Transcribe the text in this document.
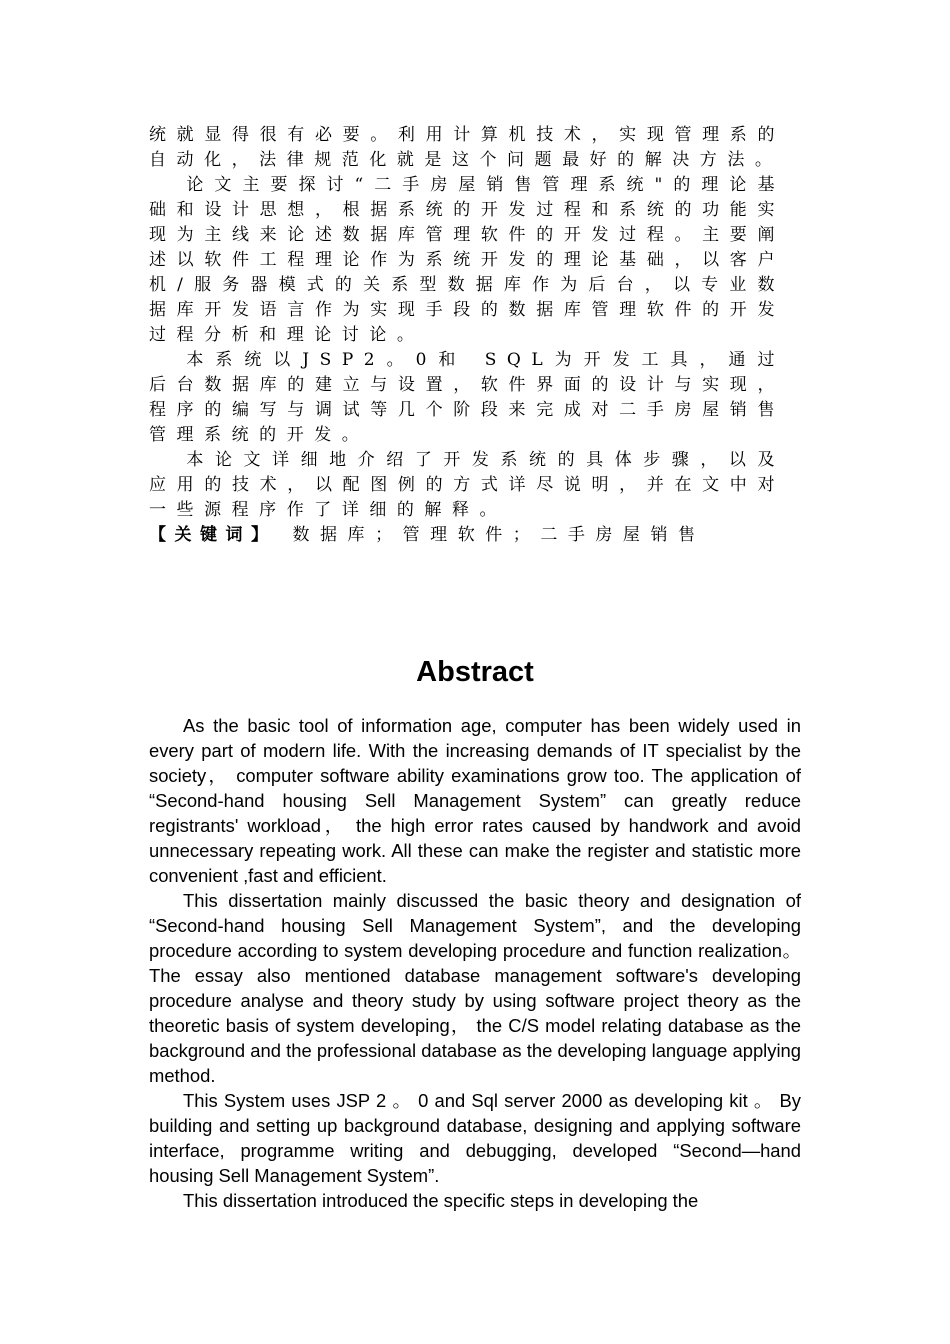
统就显得很有必要。利用计算机技术，实现管理系的自动化，法律规范化就是这个问题最好的解决方法。

论文主要探讨“二手房屋销售管理系统"的理论基础和设计思想，根据系统的开发过程和系统的功能实现为主线来论述数据库管理软件的开发过程。主要阐述以软件工程理论作为系统开发的理论基础，以客户机/服务器模式的关系型数据库作为后台，以专业数据库开发语言作为实现手段的数据库管理软件的开发过程分析和理论讨论。

本系统以JSP2。0和 SQL为开发工具，通过后台数据库的建立与设置，软件界面的设计与实现，程序的编写与调试等几个阶段来完成对二手房屋销售管理系统的开发。

本论文详细地介绍了开发系统的具体步骤，以及应用的技术，以配图例的方式详尽说明，并在文中对一些源程序作了详细的解释。

【关键词】 数据库；管理软件；二手房屋销售

Abstract

As the basic tool of information age, computer has been widely used in every part of modern life. With the increasing demands of IT specialist by the society， computer software ability examinations grow too. The application of “Second-hand housing Sell Management System” can greatly reduce registrants' workload， the high error rates caused by handwork and avoid unnecessary repeating work. All these can make the register and statistic more convenient ,fast and efficient.

This dissertation mainly discussed the basic theory and designation of “Second-hand housing Sell Management System”, and the developing procedure according to system developing procedure and function realization。 The essay also mentioned database management software's developing procedure analyse and theory study by using software project theory as the theoretic basis of system developing， the C/S model relating database as the background and the professional database as the developing language applying method.

This System uses JSP 2 。 0 and Sql server 2000 as developing kit 。 By building and setting up background database, designing and applying software interface, programme writing and debugging, developed “Second—hand housing Sell Management System”.

This dissertation introduced the specific steps in developing the
